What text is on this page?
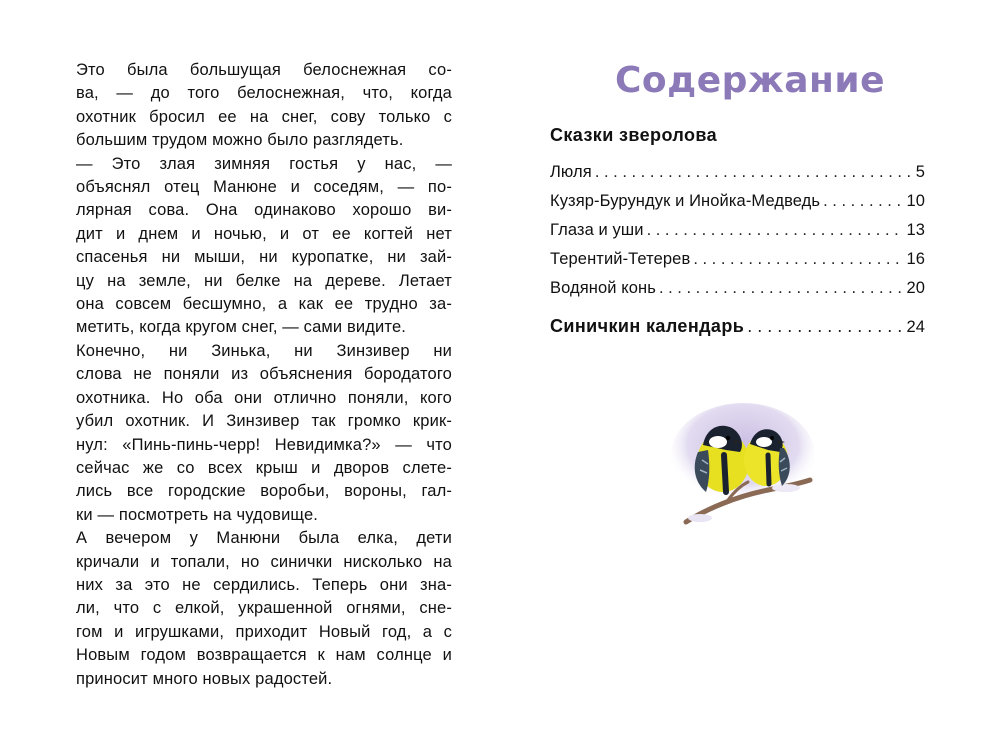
Это была большущая белоснежная со-
ва, — до того белоснежная, что, когда
охотник бросил ее на снег, сову только с
большим трудом можно было разглядеть.

— Это злая зимняя гостья у нас, —
объяснял отец Манюне и соседям, — по-
лярная сова. Она одинаково хорошо ви-
дит и днем и ночью, и от ее когтей нет
спасенья ни мыши, ни куропатке, ни зай-
цу на земле, ни белке на дереве. Летает
она совсем бесшумно, а как ее трудно за-
метить, когда кругом снег, — сами видите.

Конечно, ни Зинька, ни Зинзивер ни
слова не поняли из объяснения бородатого
охотника. Но оба они отлично поняли, кого
убил охотник. И Зинзивер так громко крик-
нул: «Пинь-пинь-черр! Невидимка?» — что
сейчас же со всех крыш и дворов слете-
лись все городские воробьи, вороны, гал-
ки — посмотреть на чудовище.

А вечером у Манюни была елка, дети
кричали и топали, но синички нисколько на
них за это не сердились. Теперь они зна-
ли, что с елкой, украшенной огнями, сне-
гом и игрушками, приходит Новый год, а с
Новым годом возвращается к нам солнце и
приносит много новых радостей.

Содержание
Сказки зверолова
Люля . . .	5
Кузяр-Бурундук и Инойка-Медведь . . .	10
Глаза и уши . . .	13
Терентий-Тетерев . . .	16
Водяной конь . . .	20
Синичкин календарь . . .	24
